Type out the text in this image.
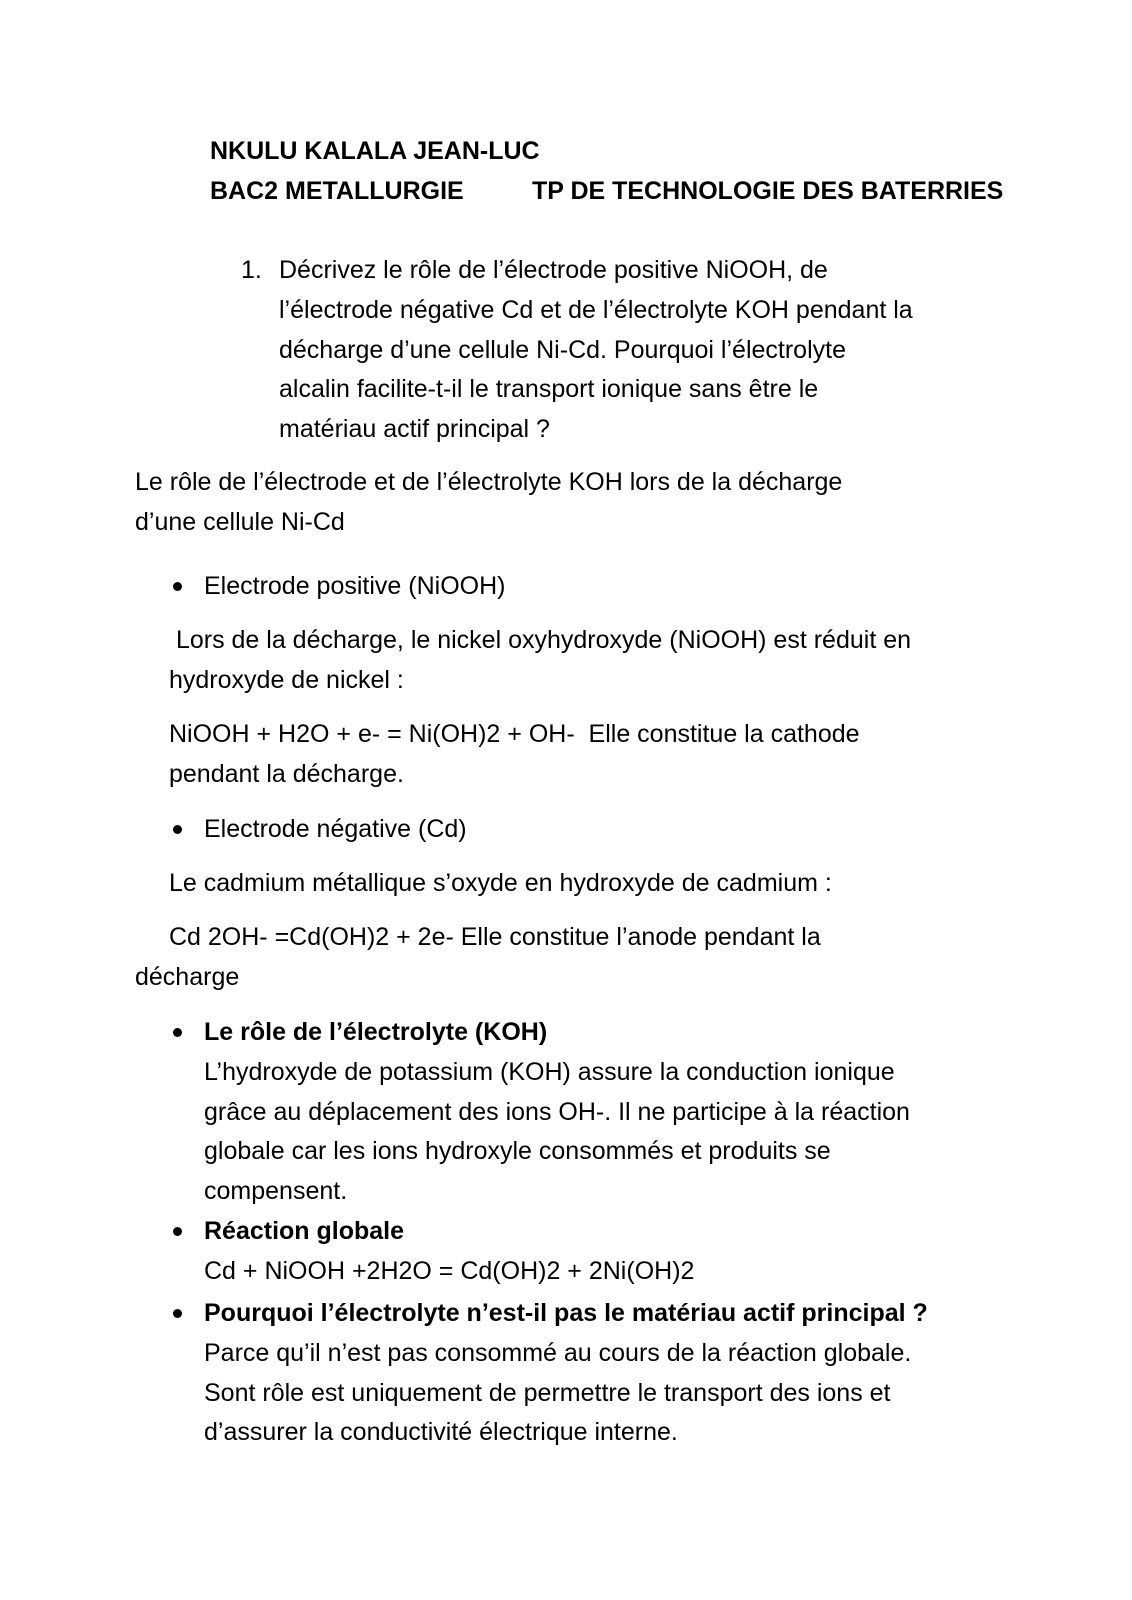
NKULU KALALA JEAN-LUC
BAC2 METALLURGIE	TP DE TECHNOLOGIE DES BATERRIES
1. Décrivez le rôle de l’électrode positive NiOOH, de
l’électrode négative Cd et de l’électrolyte KOH pendant la
décharge d’une cellule Ni-Cd. Pourquoi l’électrolyte
alcalin facilite-t-il le transport ionique sans être le
matériau actif principal ?
Le rôle de l’électrode et de l’électrolyte KOH lors de la décharge
d’une cellule Ni-Cd
Electrode positive (NiOOH)
Lors de la décharge, le nickel oxyhydroxyde (NiOOH) est réduit en
hydroxyde de nickel :
NiOOH + H2O + e- = Ni(OH)2 + OH-  Elle constitue la cathode
pendant la décharge.
Electrode négative (Cd)
Le cadmium métallique s’oxyde en hydroxyde de cadmium :
Cd 2OH- =Cd(OH)2 + 2e- Elle constitue l’anode pendant la
décharge
Le rôle de l’électrolyte (KOH)
L’hydroxyde de potassium (KOH) assure la conduction ionique
grâce au déplacement des ions OH-. Il ne participe à la réaction
globale car les ions hydroxyle consommés et produits se
compensent.
Réaction globale
Cd + NiOOH +2H2O = Cd(OH)2 + 2Ni(OH)2
Pourquoi l’électrolyte n’est-il pas le matériau actif principal ?
Parce qu’il n’est pas consommé au cours de la réaction globale.
Sont rôle est uniquement de permettre le transport des ions et
d’assurer la conductivité électrique interne.
